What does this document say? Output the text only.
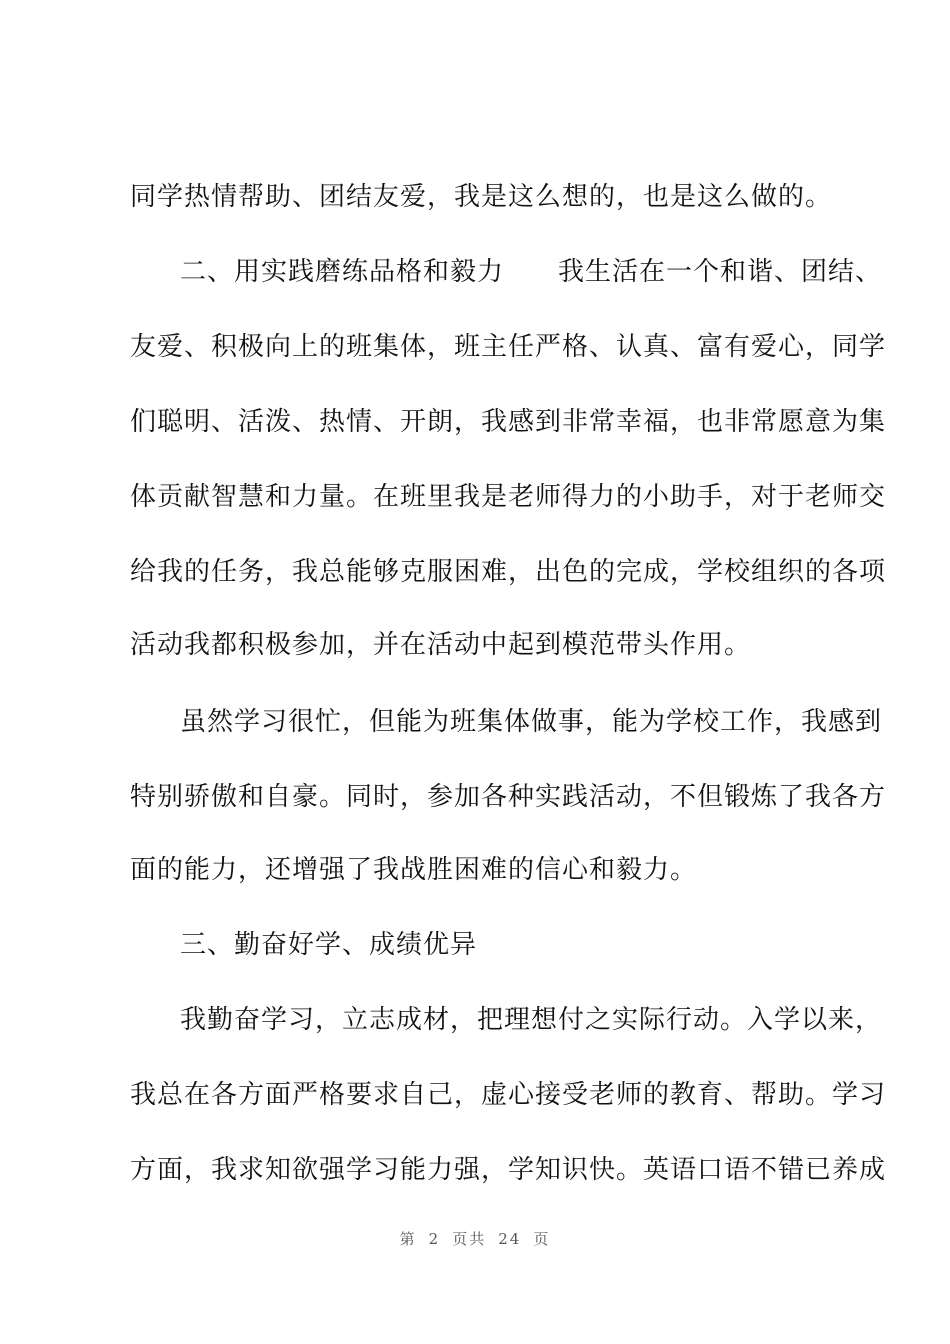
同学热情帮助、团结友爱，我是这么想的，也是这么做的。
二、用实践磨练品格和毅力 我生活在一个和谐、团结、
友爱、积极向上的班集体，班主任严格、认真、富有爱心，同学
们聪明、活泼、热情、开朗，我感到非常幸福，也非常愿意为集
体贡献智慧和力量。在班里我是老师得力的小助手，对于老师交
给我的任务，我总能够克服困难，出色的完成，学校组织的各项
活动我都积极参加，并在活动中起到模范带头作用。
虽然学习很忙，但能为班集体做事，能为学校工作，我感到
特别骄傲和自豪。同时，参加各种实践活动，不但锻炼了我各方
面的能力，还增强了我战胜困难的信心和毅力。
三、勤奋好学、成绩优异
我勤奋学习，立志成材，把理想付之实际行动。入学以来，
我总在各方面严格要求自己，虚心接受老师的教育、帮助。学习
方面，我求知欲强学习能力强，学知识快。英语口语不错已养成
第 2 页共 24 页
